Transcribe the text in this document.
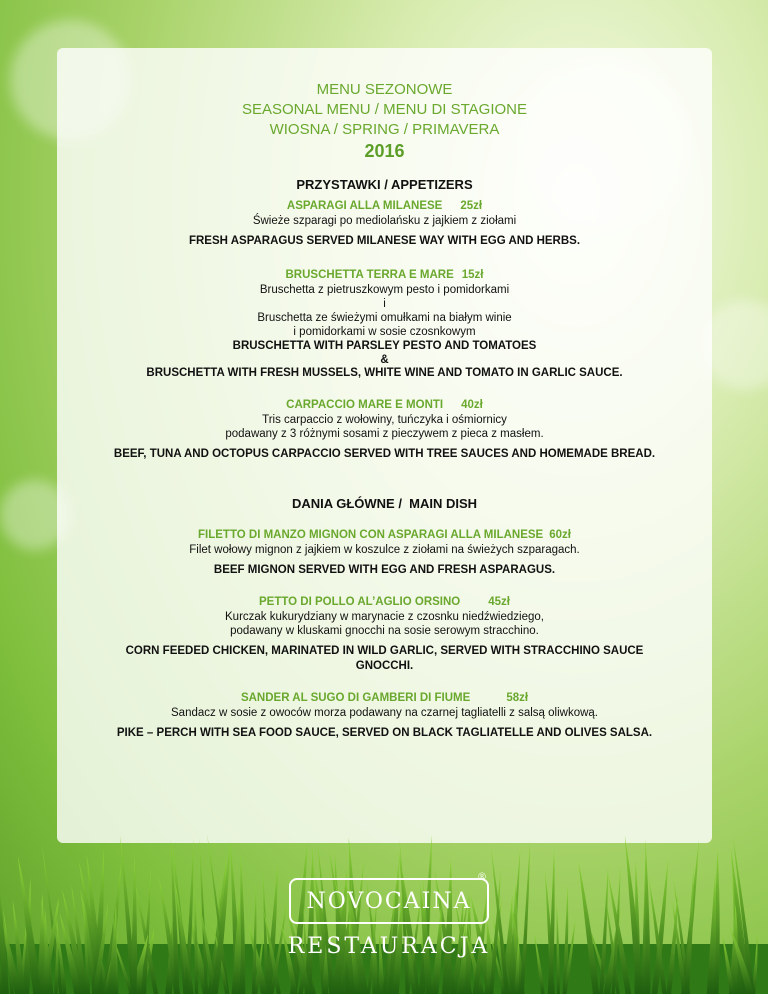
MENU SEZONOWE
SEASONAL MENU / MENU DI STAGIONE
WIOSNA / SPRING / PRIMAVERA
2016
PRZYSTAWKI / APPETIZERS
ASPARAGI ALLA MILANESE 25zł
Świeże szparagi po mediolańsku z jajkiem z ziołami
FRESH ASPARAGUS SERVED MILANESE WAY WITH EGG AND HERBS.
BRUSCHETTA TERRA E MARE 15zł
Bruschetta z pietruszkowym pesto i pomidorkami
i
Bruschetta ze świeżymi omułkami na białym winie
i pomidorkami w sosie czosnkowym
BRUSCHETTA WITH PARSLEY PESTO AND TOMATOES
&
BRUSCHETTA WITH FRESH MUSSELS, WHITE WINE AND TOMATO IN GARLIC SAUCE.
CARPACCIO MARE E MONTI 40zł
Tris carpaccio z wołowiny, tuńczyka i ośmiornicy
podawany z 3 różnymi sosami z pieczywem z pieca z masłem.
BEEF, TUNA AND OCTOPUS CARPACCIO SERVED WITH TREE SAUCES AND HOMEMADE BREAD.
DANIA GŁÓWNE /  MAIN DISH
FILETTO DI MANZO MIGNON CON ASPARAGI ALLA MILANESE 60zł
Filet wołowy mignon z jajkiem w koszulce z ziołami na świeżych szparagach.
BEEF MIGNON SERVED WITH EGG AND FRESH ASPARAGUS.
PETTO DI POLLO AL’AGLIO ORSINO 45zł
Kurczak kukurydziany w marynacie z czosnku niedźwiedziego,
podawany w kluskami gnocchi na sosie serowym stracchino.
CORN FEEDED CHICKEN, MARINATED IN WILD GARLIC, SERVED WITH STRACCHINO SAUCE
GNOCCHI.
SANDER AL SUGO DI GAMBERI DI FIUME	58zł
Sandacz w sosie z owoców morza podawany na czarnej tagliatelli z salsą oliwkową.
PIKE – PERCH WITH SEA FOOD SAUCE, SERVED ON BLACK TAGLIATELLE AND OLIVES SALSA.
NOVOCAINA
®
RESTAURACJA
